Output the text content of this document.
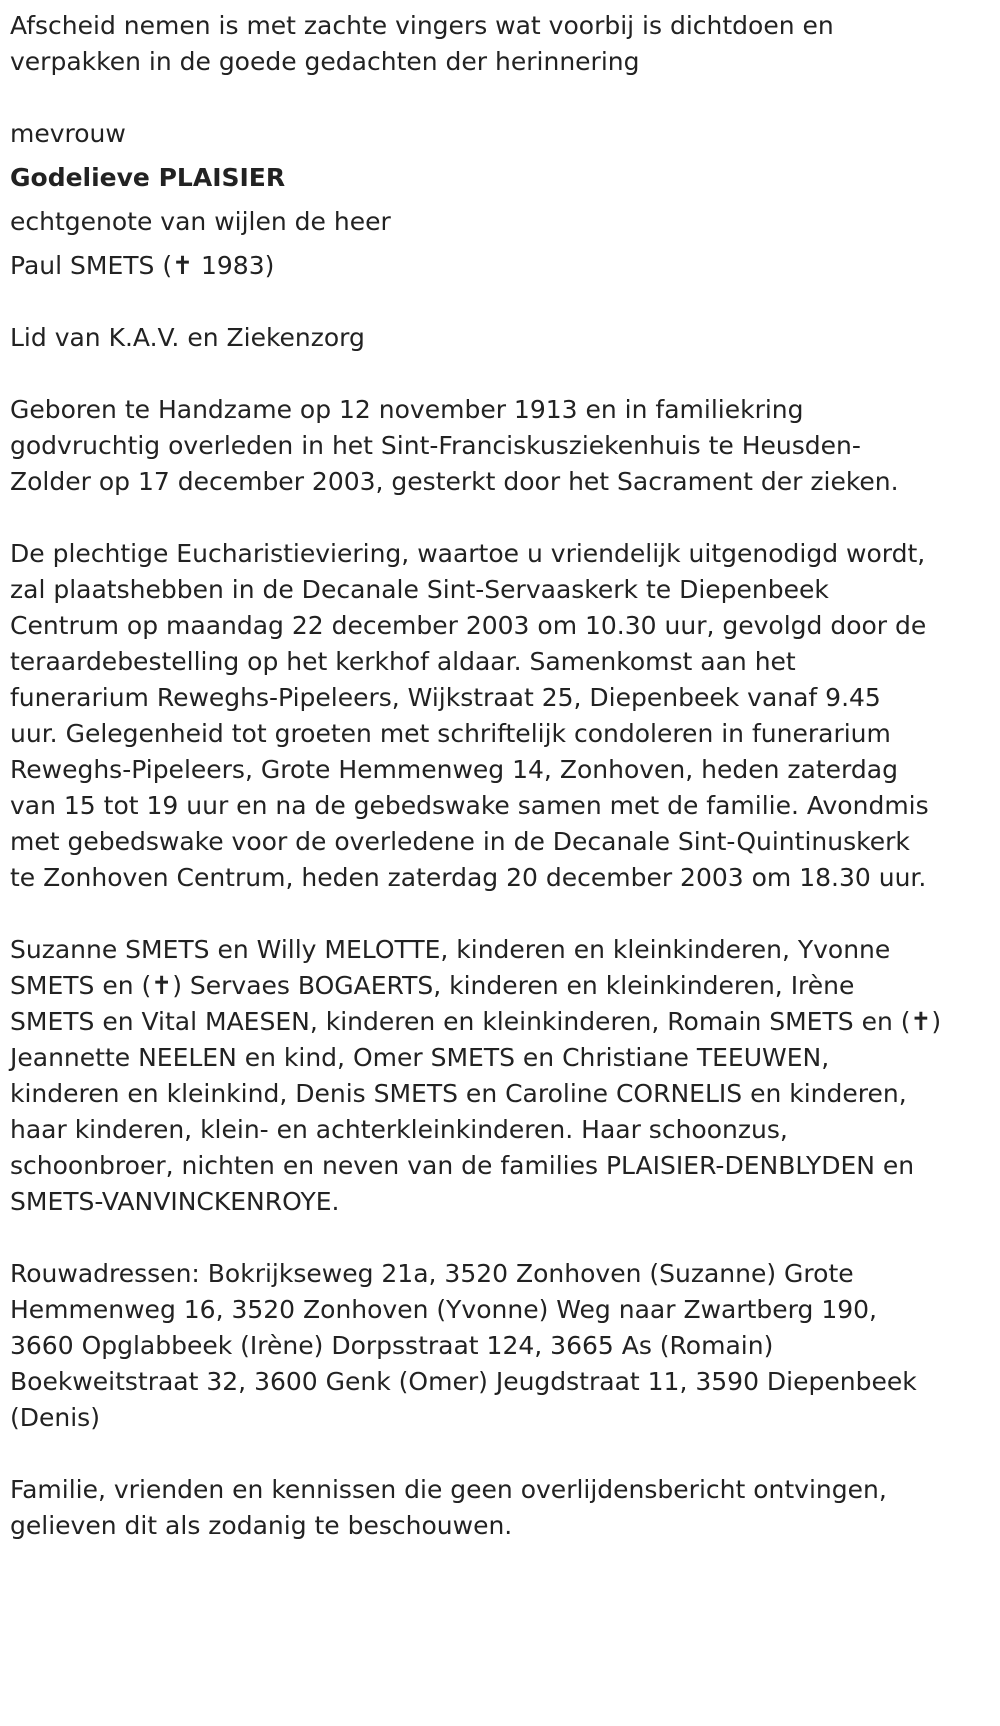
Afscheid nemen is met zachte vingers wat voorbij is dichtdoen en

verpakken in de goede gedachten der herinnering

mevrouw

Godelieve PLAISIER

echtgenote van wijlen de heer

Paul SMETS (✝ 1983)

Lid van K.A.V. en Ziekenzorg

Geboren te Handzame op 12 november 1913 en in familiekring

godvruchtig overleden in het Sint-Franciskusziekenhuis te Heusden-

Zolder op 17 december 2003, gesterkt door het Sacrament der zieken.

De plechtige Eucharistieviering, waartoe u vriendelijk uitgenodigd wordt,

zal plaatshebben in de Decanale Sint-Servaaskerk te Diepenbeek

Centrum op maandag 22 december 2003 om 10.30 uur, gevolgd door de

teraardebestelling op het kerkhof aldaar. Samenkomst aan het

funerarium Reweghs-Pipeleers, Wijkstraat 25, Diepenbeek vanaf 9.45

uur. Gelegenheid tot groeten met schriftelijk condoleren in funerarium

Reweghs-Pipeleers, Grote Hemmenweg 14, Zonhoven, heden zaterdag

van 15 tot 19 uur en na de gebedswake samen met de familie. Avondmis

met gebedswake voor de overledene in de Decanale Sint-Quintinuskerk

te Zonhoven Centrum, heden zaterdag 20 december 2003 om 18.30 uur.

Suzanne SMETS en Willy MELOTTE, kinderen en kleinkinderen, Yvonne

SMETS en (✝) Servaes BOGAERTS, kinderen en kleinkinderen, Irène

SMETS en Vital MAESEN, kinderen en kleinkinderen, Romain SMETS en (✝)

Jeannette NEELEN en kind, Omer SMETS en Christiane TEEUWEN,

kinderen en kleinkind, Denis SMETS en Caroline CORNELIS en kinderen,

haar kinderen, klein- en achterkleinkinderen. Haar schoonzus,

schoonbroer, nichten en neven van de families PLAISIER-DENBLYDEN en

SMETS-VANVINCKENROYE.

Rouwadressen: Bokrijkseweg 21a, 3520 Zonhoven (Suzanne) Grote

Hemmenweg 16, 3520 Zonhoven (Yvonne) Weg naar Zwartberg 190,

3660 Opglabbeek (Irène) Dorpsstraat 124, 3665 As (Romain)

Boekweitstraat 32, 3600 Genk (Omer) Jeugdstraat 11, 3590 Diepenbeek

(Denis)

Familie, vrienden en kennissen die geen overlijdensbericht ontvingen,

gelieven dit als zodanig te beschouwen.
